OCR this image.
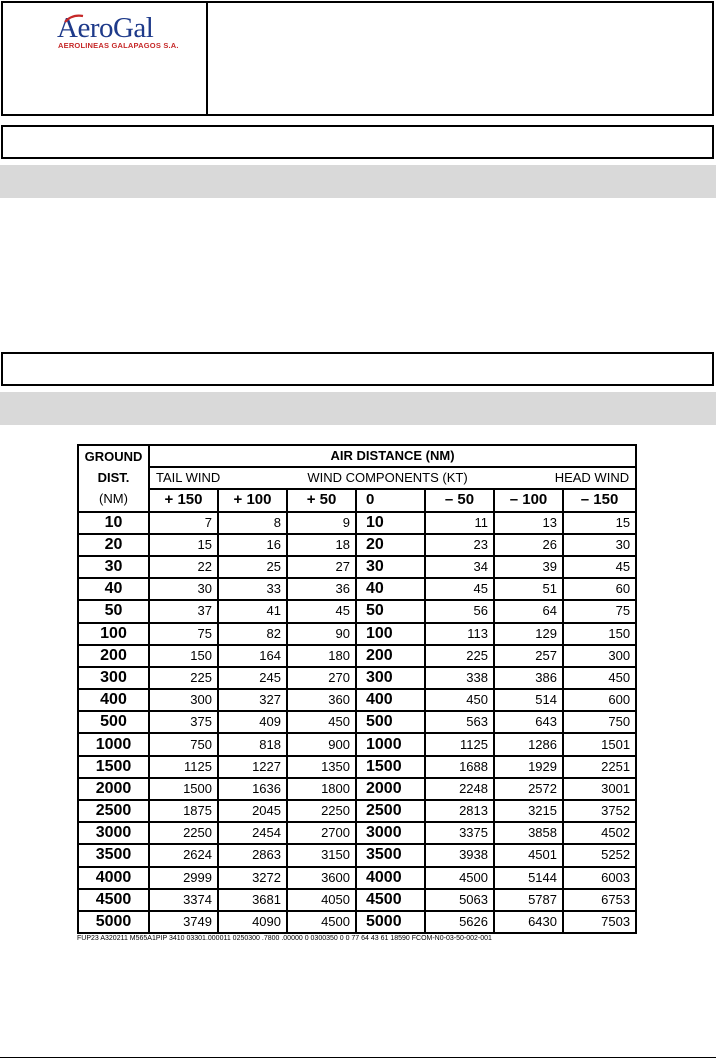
AeroGal
AEROLINEAS GALAPAGOS S.A.
GROUND
DIST.
(NM)	AIR DISTANCE (NM)						

	TAIL WIND WIND COMPONENTS (KT) HEAD WIND						

	+ 150	+ 100	+ 50	0	– 50	– 100	– 150
10	7	8	9	10	11	13	15
20	15	16	18	20	23	26	30
30	22	25	27	30	34	39	45
40	30	33	36	40	45	51	60
50	37	41	45	50	56	64	75
100	75	82	90	100	113	129	150
200	150	164	180	200	225	257	300
300	225	245	270	300	338	386	450
400	300	327	360	400	450	514	600
500	375	409	450	500	563	643	750
1000	750	818	900	1000	1125	1286	1501
1500	1125	1227	1350	1500	1688	1929	2251
2000	1500	1636	1800	2000	2248	2572	3001
2500	1875	2045	2250	2500	2813	3215	3752
3000	2250	2454	2700	3000	3375	3858	4502
3500	2624	2863	3150	3500	3938	4501	5252
4000	2999	3272	3600	4000	4500	5144	6003
4500	3374	3681	4050	4500	5063	5787	6753
5000	3749	4090	4500	5000	5626	6430	7503
FUP23 A320211 M565A1PIP 3410 03301.000011 0250300 .7800 .00000 0 0300350 0 0 77 64 43 61 18590 FCOM-N0-03-50-002-001
